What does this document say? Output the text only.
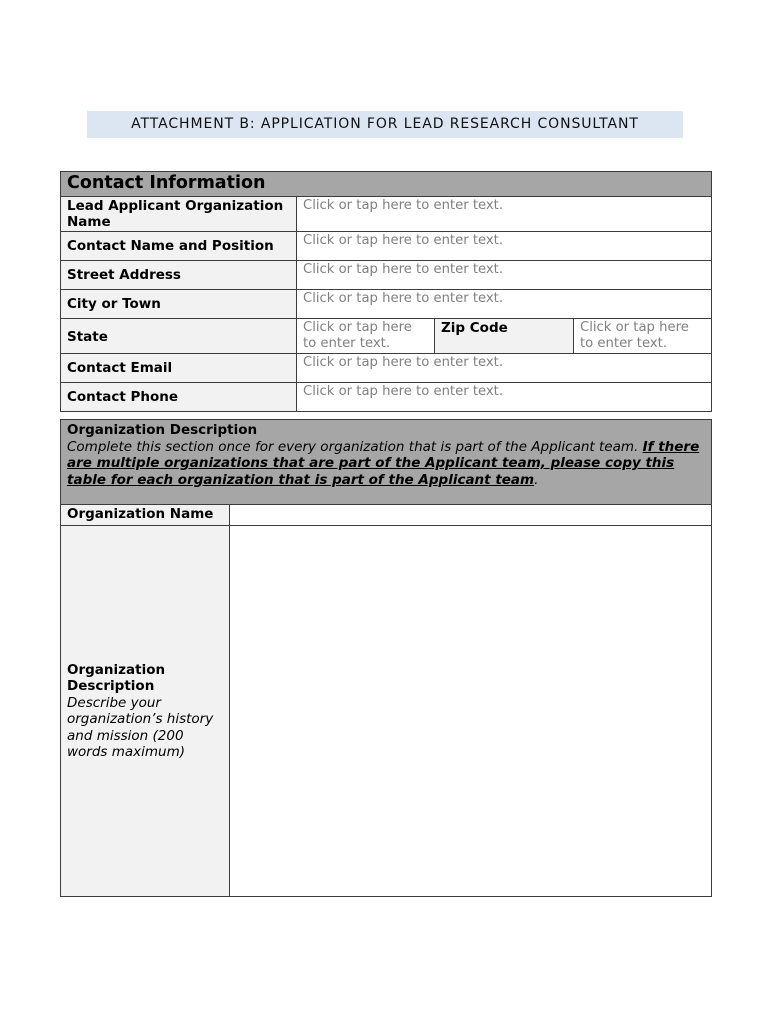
ATTACHMENT B: APPLICATION FOR LEAD RESEARCH CONSULTANT
Contact Information			
Lead Applicant Organization Name	Click or tap here to enter text.		
Contact Name and Position	Click or tap here to enter text.		
Street Address	Click or tap here to enter text.		
City or Town	Click or tap here to enter text.		
State	Click or tap here to enter text.	Zip Code	Click or tap here to enter text.
Contact Email	Click or tap here to enter text.		
Contact Phone	Click or tap here to enter text.		
Organization Description
Complete this section once for every organization that is part of the Applicant team. If there are multiple organizations that are part of the Applicant team, please copy this table for each organization that is part of the Applicant team.	
Organization Name	
Organization Description
Describe your organization’s history and mission (200 words maximum)	
